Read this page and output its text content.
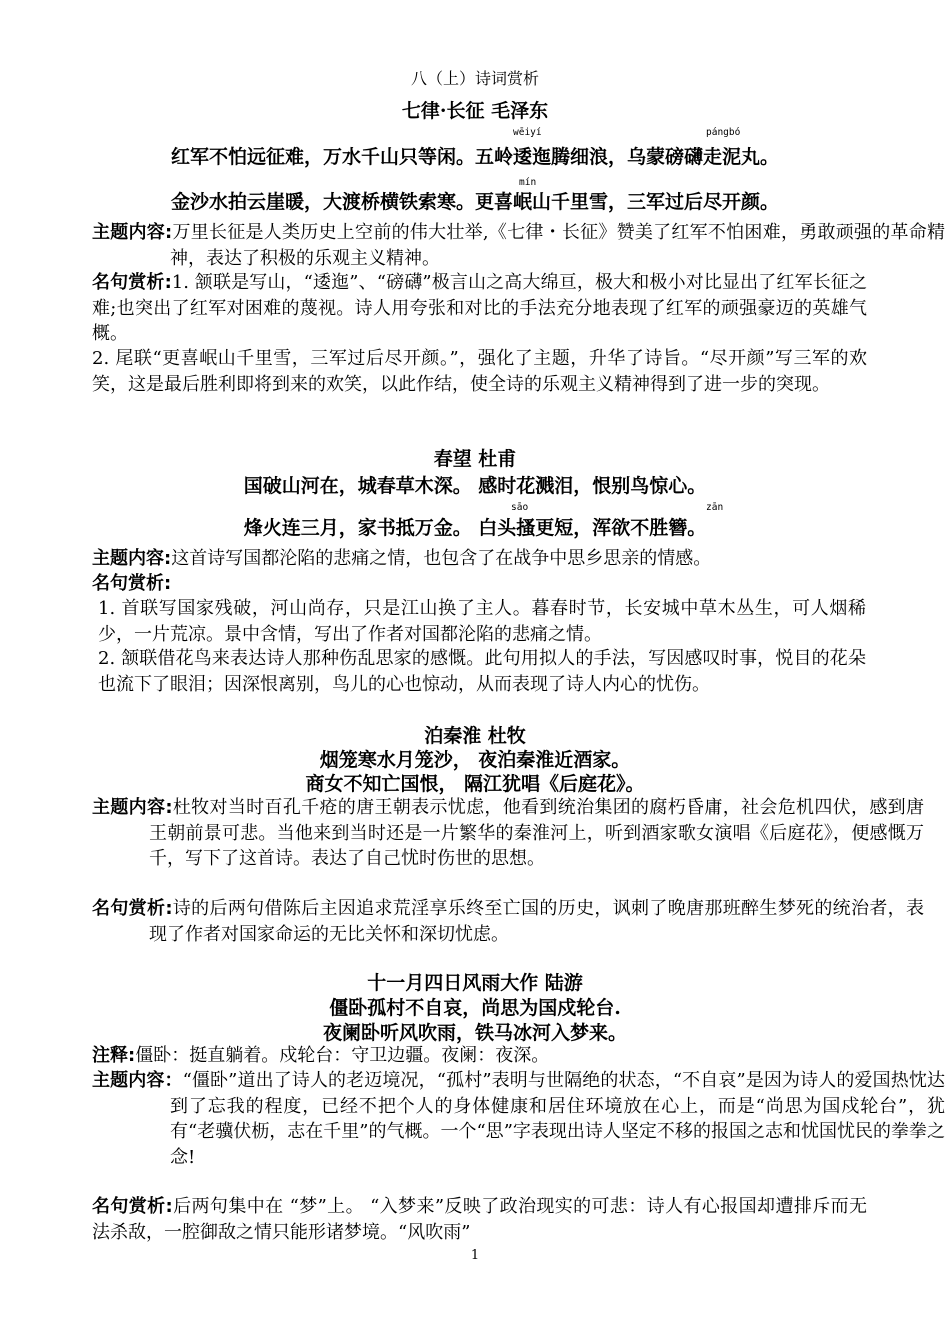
八（上）诗词赏析
七律·长征 毛泽东
wēiyí	pángbó
红军不怕远征难，万水千山只等闲。五岭逶迤腾细浪，乌蒙磅礴走泥丸。
mín
金沙水拍云崖暖，大渡桥横铁索寒。更喜岷山千里雪，三军过后尽开颜。
主题内容:万里长征是人类历史上空前的伟大壮举,《七律・长征》赞美了红军不怕困难，勇敢顽强的革命精神，表达了积极的乐观主义精神。
名句赏析:1. 颔联是写山，“逶迤”、“磅礴”极言山之高大绵亘，极大和极小对比显出了红军长征之难;也突出了红军对困难的蔑视。诗人用夸张和对比的手法充分地表现了红军的顽强豪迈的英雄气概。
2. 尾联“更喜岷山千里雪，三军过后尽开颜。”，强化了主题，升华了诗旨。“尽开颜”写三军的欢笑，这是最后胜利即将到来的欢笑，以此作结，使全诗的乐观主义精神得到了进一步的突现。
春望 杜甫
国破山河在，城春草木深。 感时花溅泪，恨别鸟惊心。
sāo	zān
烽火连三月，家书抵万金。 白头搔更短，浑欲不胜簪。
主题内容:这首诗写国都沦陷的悲痛之情，也包含了在战争中思乡思亲的情感。
名句赏析:
1. 首联写国家残破，河山尚存，只是江山换了主人。暮春时节，长安城中草木丛生，可人烟稀少，一片荒凉。景中含情，写出了作者对国都沦陷的悲痛之情。
2. 颔联借花鸟来表达诗人那种伤乱思家的感慨。此句用拟人的手法，写因感叹时事，悦目的花朵也流下了眼泪；因深恨离别，鸟儿的心也惊动，从而表现了诗人内心的忧伤。
泊秦淮 杜牧
烟笼寒水月笼沙， 夜泊秦淮近酒家。
商女不知亡国恨， 隔江犹唱《后庭花》。
主题内容:杜牧对当时百孔千疮的唐王朝表示忧虑，他看到统治集团的腐朽昏庸，社会危机四伏，感到唐王朝前景可悲。当他来到当时还是一片繁华的秦淮河上，听到酒家歌女演唱《后庭花》，便感慨万千，写下了这首诗。表达了自己忧时伤世的思想。
名句赏析:诗的后两句借陈后主因追求荒淫享乐终至亡国的历史，讽刺了晚唐那班醉生梦死的统治者，表现了作者对国家命运的无比关怀和深切忧虑。
十一月四日风雨大作 陆游
僵卧孤村不自哀，尚思为国戍轮台.
夜阑卧听风吹雨，铁马冰河入梦来。
注释:僵卧：挺直躺着。戍轮台：守卫边疆。夜阑：夜深。
主题内容：“僵卧”道出了诗人的老迈境况，“孤村”表明与世隔绝的状态，“不自哀”是因为诗人的爱国热忱达到了忘我的程度，已经不把个人的身体健康和居住环境放在心上，而是“尚思为国戍轮台”，犹有“老骥伏枥，志在千里”的气概。一个“思”字表现出诗人坚定不移的报国之志和忧国忧民的拳拳之念!
名句赏析:后两句集中在 “梦”上。 “入梦来”反映了政治现实的可悲：诗人有心报国却遭排斥而无法杀敌，一腔御敌之情只能形诸梦境。“风吹雨”
1
